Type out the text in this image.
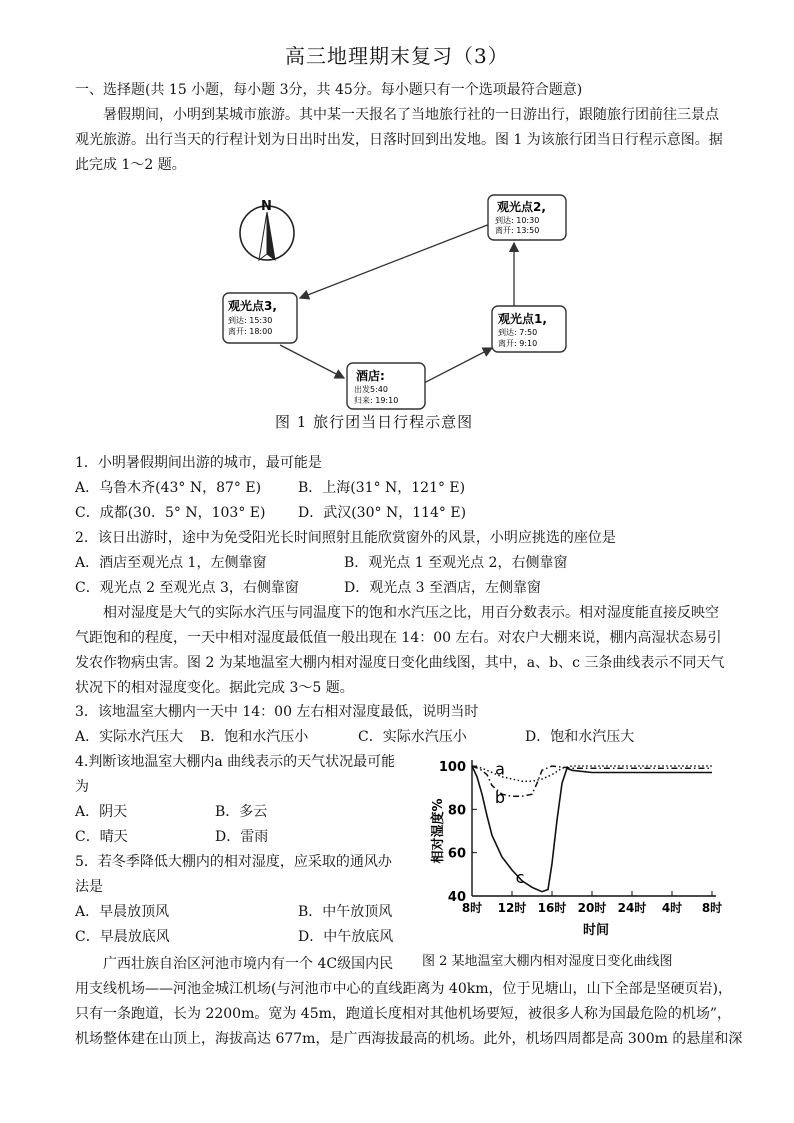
高三地理期末复习（3）
一、选择题(共 15 小题，每小题 3分，共 45分。每小题只有一个选项最符合题意)
暑假期间，小明到某城市旅游。其中某一天报名了当地旅行社的一日游出行，跟随旅行团前往三景点
观光旅游。出行当天的行程计划为日出时出发，日落时回到出发地。图 1 为该旅行团当日行程示意图。据
此完成 1～2 题。
N	观光点2,
到达: 10:30
离开: 13:50
观光点3,
到达: 15:30
离开: 18:00
观光点1,
到达: 7:50
离开: 9:10
酒店:
出发5:40
归来: 19:10
图 1 旅行团当日行程示意图
1．小明暑假期间出游的城市，最可能是
A．乌鲁木齐(43° N，87° E)	B．上海(31° N，121° E)
C．成都(30．5° N，103° E) D．武汉(30° N，114° E)
2．该日出游时，途中为免受阳光长时间照射且能欣赏窗外的风景，小明应挑选的座位是
A．酒店至观光点 1，左侧靠窗	B．观光点 1 至观光点 2，右侧靠窗
C．观光点 2 至观光点 3，右侧靠窗	D．观光点 3 至酒店，左侧靠窗
相对湿度是大气的实际水汽压与同温度下的饱和水汽压之比，用百分数表示。相对湿度能直接反映空
气距饱和的程度，一天中相对湿度最低值一般出现在 14：00 左右。对农户大棚来说，棚内高湿状态易引
发农作物病虫害。图 2 为某地温室大棚内相对湿度日变化曲线图，其中，a、b、c 三条曲线表示不同天气
状况下的相对湿度变化。据此完成 3～5 题。
3．该地温室大棚内一天中 14：00 左右相对湿度最低，说明当时
A．实际水汽压大 B．饱和水汽压小	C．实际水汽压小	D．饱和水汽压大
4.判断该地温室大棚内a 曲线表示的天气状况最可能
为
A．阴天	B．多云
C．晴天	D．雷雨
5．若冬季降低大棚内的相对湿度，应采取的通风办
法是
A．早晨放顶风	B．中午放顶风
C．早晨放底风	D．中午放底风
40
60
80
100
8时 12时 16时 20时 24时 4时 8时
时间
相对湿度%
a
b
c
图 2 某地温室大棚内相对湿度日变化曲线图
广西壮族自治区河池市境内有一个 4C级国内民
用支线机场——河池金城江机场(与河池市中心的直线距离为 40km，位于见塘山，山下全部是坚硬页岩)，
只有一条跑道，长为 2200m。宽为 45m，跑道长度相对其他机场要短，被很多人称为国最危险的机场”，
机场整体建在山顶上，海拔高达 677m，是广西海拔最高的机场。此外，机场四周都是高 300m 的悬崖和深
